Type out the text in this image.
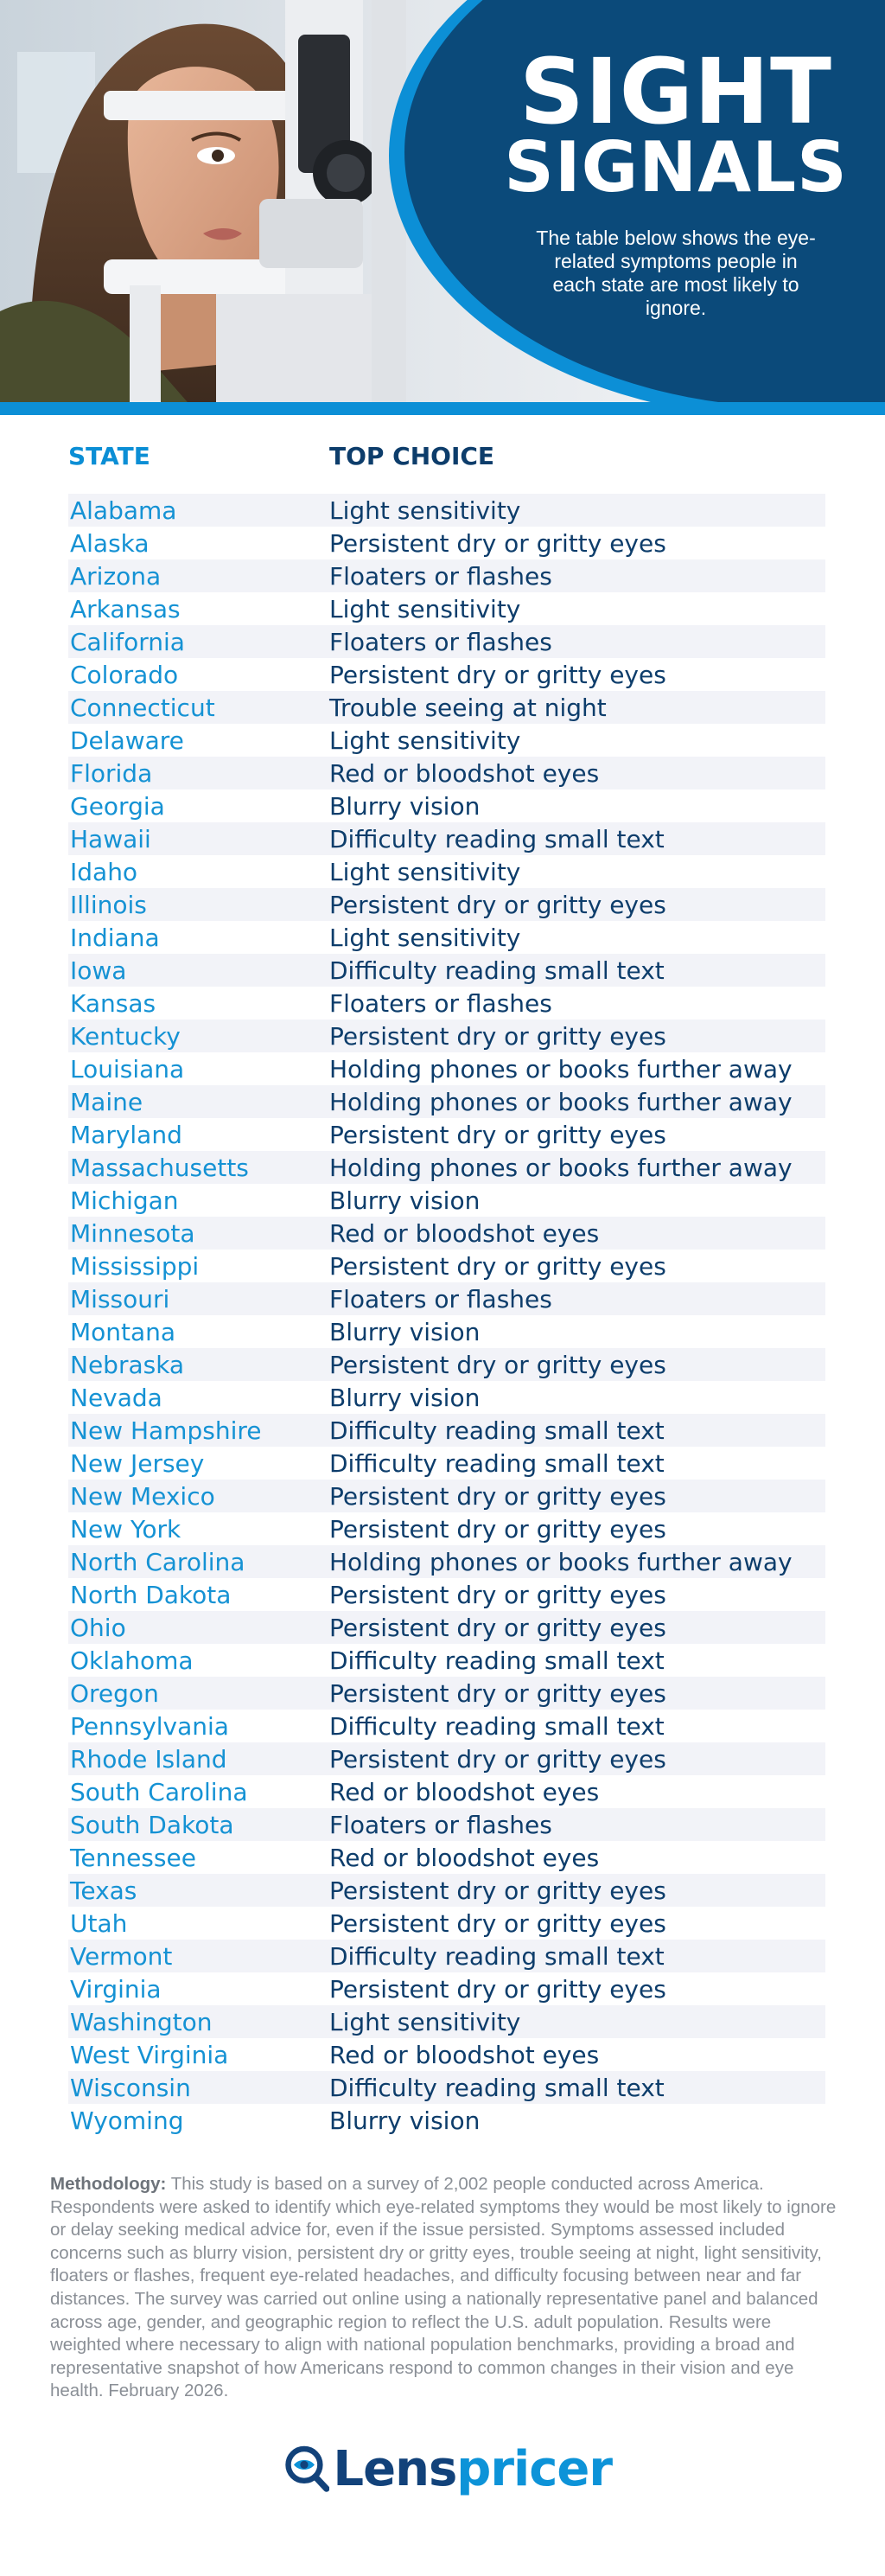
SIGHT
SIGNALS
The table below shows the eye-related symptoms people in each state are most likely to ignore.
STATE	TOP CHOICE
Alabama	Light sensitivity
Alaska	Persistent dry or gritty eyes
Arizona	Floaters or flashes
Arkansas	Light sensitivity
California	Floaters or flashes
Colorado	Persistent dry or gritty eyes
Connecticut	Trouble seeing at night
Delaware	Light sensitivity
Florida	Red or bloodshot eyes
Georgia	Blurry vision
Hawaii	Difficulty reading small text
Idaho	Light sensitivity
Illinois	Persistent dry or gritty eyes
Indiana	Light sensitivity
Iowa	Difficulty reading small text
Kansas	Floaters or flashes
Kentucky	Persistent dry or gritty eyes
Louisiana	Holding phones or books further away
Maine	Holding phones or books further away
Maryland	Persistent dry or gritty eyes
Massachusetts	Holding phones or books further away
Michigan	Blurry vision
Minnesota	Red or bloodshot eyes
Mississippi	Persistent dry or gritty eyes
Missouri	Floaters or flashes
Montana	Blurry vision
Nebraska	Persistent dry or gritty eyes
Nevada	Blurry vision
New Hampshire	Difficulty reading small text
New Jersey	Difficulty reading small text
New Mexico	Persistent dry or gritty eyes
New York	Persistent dry or gritty eyes
North Carolina	Holding phones or books further away
North Dakota	Persistent dry or gritty eyes
Ohio	Persistent dry or gritty eyes
Oklahoma	Difficulty reading small text
Oregon	Persistent dry or gritty eyes
Pennsylvania	Difficulty reading small text
Rhode Island	Persistent dry or gritty eyes
South Carolina	Red or bloodshot eyes
South Dakota	Floaters or flashes
Tennessee	Red or bloodshot eyes
Texas	Persistent dry or gritty eyes
Utah	Persistent dry or gritty eyes
Vermont	Difficulty reading small text
Virginia	Persistent dry or gritty eyes
Washington	Light sensitivity
West Virginia	Red or bloodshot eyes
Wisconsin	Difficulty reading small text
Wyoming	Blurry vision
Methodology: This study is based on a survey of 2,002 people conducted across America. Respondents were asked to identify which eye-related symptoms they would be most likely to ignore or delay seeking medical advice for, even if the issue persisted. Symptoms assessed included concerns such as blurry vision, persistent dry or gritty eyes, trouble seeing at night, light sensitivity, floaters or flashes, frequent eye-related headaches, and difficulty focusing between near and far distances. The survey was carried out online using a nationally representative panel and balanced across age, gender, and geographic region to reflect the U.S. adult population. Results were weighted where necessary to align with national population benchmarks, providing a broad and representative snapshot of how Americans respond to common changes in their vision and eye health. February 2026.
Lenspricer
